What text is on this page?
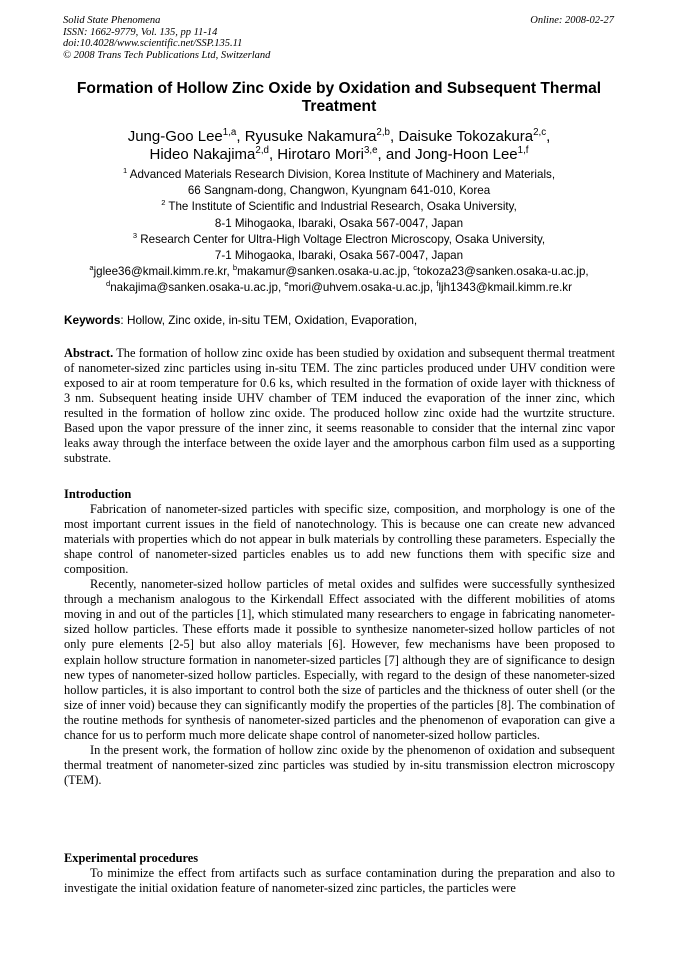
Solid State Phenomena
ISSN: 1662-9779, Vol. 135, pp 11-14
doi:10.4028/www.scientific.net/SSP.135.11
© 2008 Trans Tech Publications Ltd, Switzerland
Online: 2008-02-27
Formation of Hollow Zinc Oxide by Oxidation and Subsequent Thermal Treatment
Jung-Goo Lee$^{1,a}$, Ryusuke Nakamura$^{2,b}$, Daisuke Tokozakura$^{2,c}$,
Hideo Nakajima$^{2,d}$, Hirotaro Mori$^{3,e}$, and Jong-Hoon Lee$^{1,f}$
$^1$ Advanced Materials Research Division, Korea Institute of Machinery and Materials,
66 Sangnam-dong, Changwon, Kyungnam 641-010, Korea
$^2$ The Institute of Scientific and Industrial Research, Osaka University,
8-1 Mihogaoka, Ibaraki, Osaka 567-0047, Japan
$^3$ Research Center for Ultra-High Voltage Electron Microscopy, Osaka University,
7-1 Mihogaoka, Ibaraki, Osaka 567-0047, Japan
$^a$jglee36@kmail.kimm.re.kr, $^b$makamur@sanken.osaka-u.ac.jp, $^c$tokoza23@sanken.osaka-u.ac.jp,
$^d$nakajima@sanken.osaka-u.ac.jp, $^e$mori@uhvem.osaka-u.ac.jp, $^f$ljh1343@kmail.kimm.re.kr
Keywords: Hollow, Zinc oxide, in-situ TEM, Oxidation, Evaporation,

Abstract. The formation of hollow zinc oxide has been studied by oxidation and subsequent thermal treatment of nanometer-sized zinc particles using in-situ TEM. The zinc particles produced under UHV condition were exposed to air at room temperature for 0.6 ks, which resulted in the formation of oxide layer with thickness of 3 nm. Subsequent heating inside UHV chamber of TEM induced the evaporation of the inner zinc, which resulted in the formation of hollow zinc oxide. The produced hollow zinc oxide had the wurtzite structure. Based upon the vapor pressure of the inner zinc, it seems reasonable to consider that the internal zinc vapor leaks away through the interface between the oxide layer and the amorphous carbon film used as a supporting substrate.

Introduction

Fabrication of nanometer-sized particles with specific size, composition, and morphology is one of the most important current issues in the field of nanotechnology. This is because one can create new advanced materials with properties which do not appear in bulk materials by controlling these parameters. Especially the shape control of nanometer-sized particles enables us to add new functions them with specific size and composition.

Recently, nanometer-sized hollow particles of metal oxides and sulfides were successfully synthesized through a mechanism analogous to the Kirkendall Effect associated with the different mobilities of atoms moving in and out of the particles [1], which stimulated many researchers to engage in fabricating nanometer-sized hollow particles. These efforts made it possible to synthesize nanometer-sized hollow particles of not only pure elements [2-5] but also alloy materials [6]. However, few mechanisms have been proposed to explain hollow structure formation in nanometer-sized particles [7] although they are of significance to design new types of nanometer-sized hollow particles. Especially, with regard to the design of these nanometer-sized hollow particles, it is also important to control both the size of particles and the thickness of outer shell (or the size of inner void) because they can significantly modify the properties of the particles [8]. The combination of the routine methods for synthesis of nanometer-sized particles and the phenomenon of evaporation can give a chance for us to perform much more delicate shape control of nanometer-sized hollow particles.

In the present work, the formation of hollow zinc oxide by the phenomenon of oxidation and subsequent thermal treatment of nanometer-sized zinc particles was studied by in-situ transmission electron microscopy (TEM).

Experimental procedures

To minimize the effect from artifacts such as surface contamination during the preparation and also to investigate the initial oxidation feature of nanometer-sized zinc particles, the particles were
